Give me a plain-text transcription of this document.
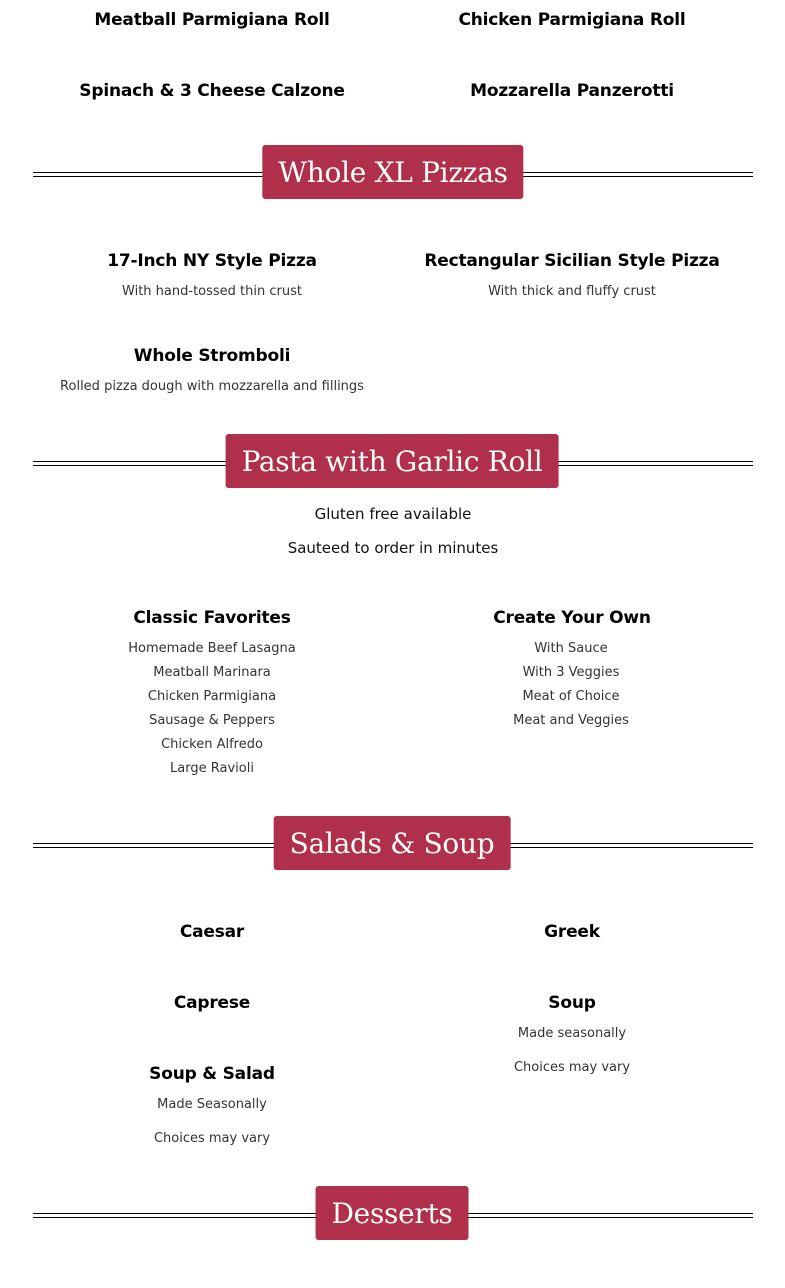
Meatball Parmigiana Roll	Chicken Parmigiana Roll
Spinach & 3 Cheese Calzone	Mozzarella Panzerotti
Whole XL Pizzas
17-Inch NY Style Pizza
With hand-tossed thin crust
Rectangular Sicilian Style Pizza
With thick and fluffy crust
Whole Stromboli
Rolled pizza dough with mozzarella and fillings
Pasta with Garlic Roll
Gluten free available
Sauteed to order in minutes
Classic Favorites
Homemade Beef Lasagna
Meatball Marinara
Chicken Parmigiana
Sausage & Peppers
Chicken Alfredo
Large Ravioli
Create Your Own
With Sauce
With 3 Veggies
Meat of Choice
Meat and Veggies
Salads & Soup
Caesar	Greek
Caprese	Soup
Made seasonally
Choices may vary
Soup & Salad
Made Seasonally
Choices may vary
Desserts
